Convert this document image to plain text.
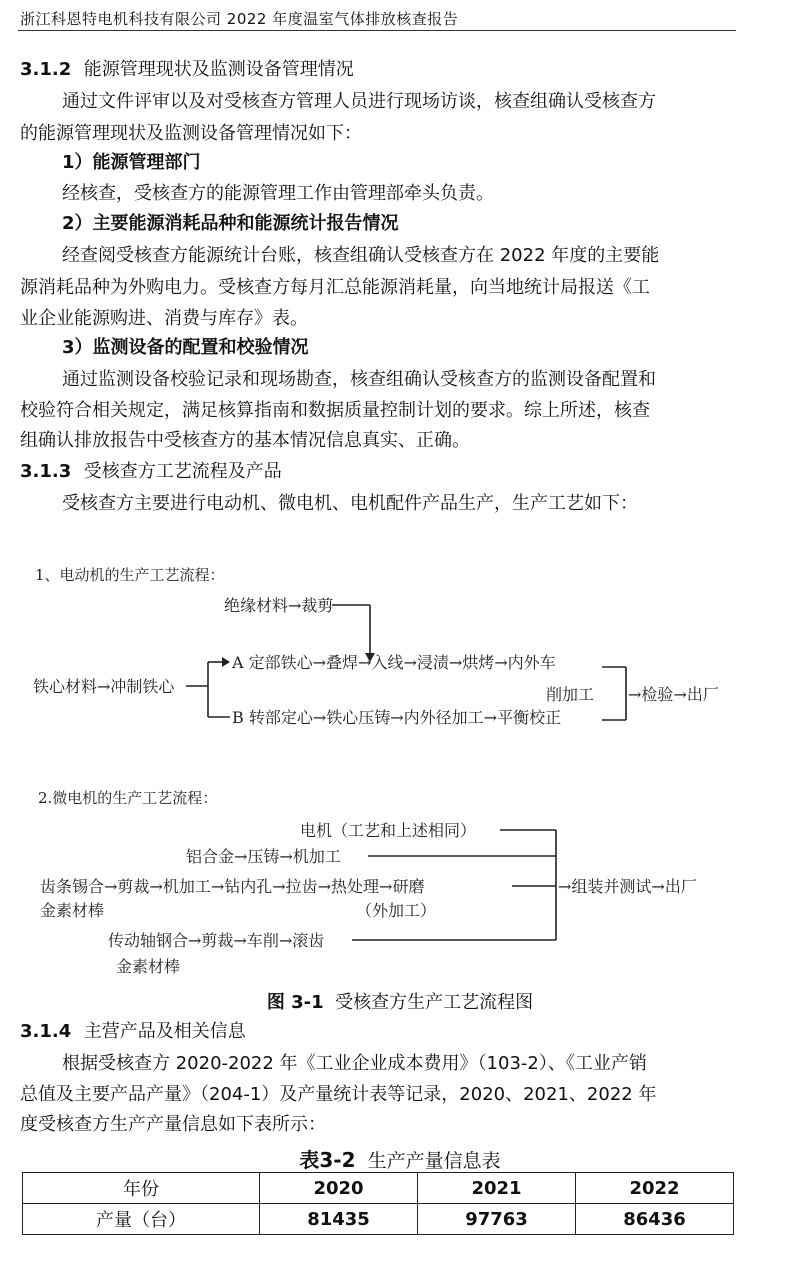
浙江科恩特电机科技有限公司 2022 年度温室气体排放核查报告
3.1.2 能源管理现状及监测设备管理情况
通过文件评审以及对受核查方管理人员进行现场访谈，核查组确认受核查方
的能源管理现状及监测设备管理情况如下：
1）能源管理部门
经核查，受核查方的能源管理工作由管理部牵头负责。
2）主要能源消耗品种和能源统计报告情况
经查阅受核查方能源统计台账，核查组确认受核查方在 2022 年度的主要能
源消耗品种为外购电力。受核查方每月汇总能源消耗量，向当地统计局报送《工
业企业能源购进、消费与库存》表。
3）监测设备的配置和校验情况
通过监测设备校验记录和现场勘查，核查组确认受核查方的监测设备配置和
校验符合相关规定，满足核算指南和数据质量控制计划的要求。综上所述，核查
组确认排放报告中受核查方的基本情况信息真实、正确。
3.1.3 受核查方工艺流程及产品
受核查方主要进行电动机、微电机、电机配件产品生产，生产工艺如下：
1、电动机的生产工艺流程：
绝缘材料→裁剪
A 定部铁心→叠焊→入线→浸渍→烘烤→内外车
铁心材料→冲制铁心	削加工 →检验→出厂
B 转部定心→铁心压铸→内外径加工→平衡校正
2.微电机的生产工艺流程：
电机（工艺和上述相同）
铝合金→压铸→机加工
齿条锡合→剪裁→机加工→钻内孔→拉齿→热处理→研磨	→组装并测试→出厂
金素材棒	（外加工）
传动轴钢合→剪裁→车削→滚齿
金素材棒
图 3-1 受核查方生产工艺流程图
3.1.4 主营产品及相关信息
根据受核查方 2020-2022 年《工业企业成本费用》（103-2）、《工业产销
总值及主要产品产量》（204-1）及产量统计表等记录，2020、2021、2022 年
度受核查方生产产量信息如下表所示：
表3-2 生产产量信息表
年份	2020	2021	2022
产量（台）	81435	97763	86436
